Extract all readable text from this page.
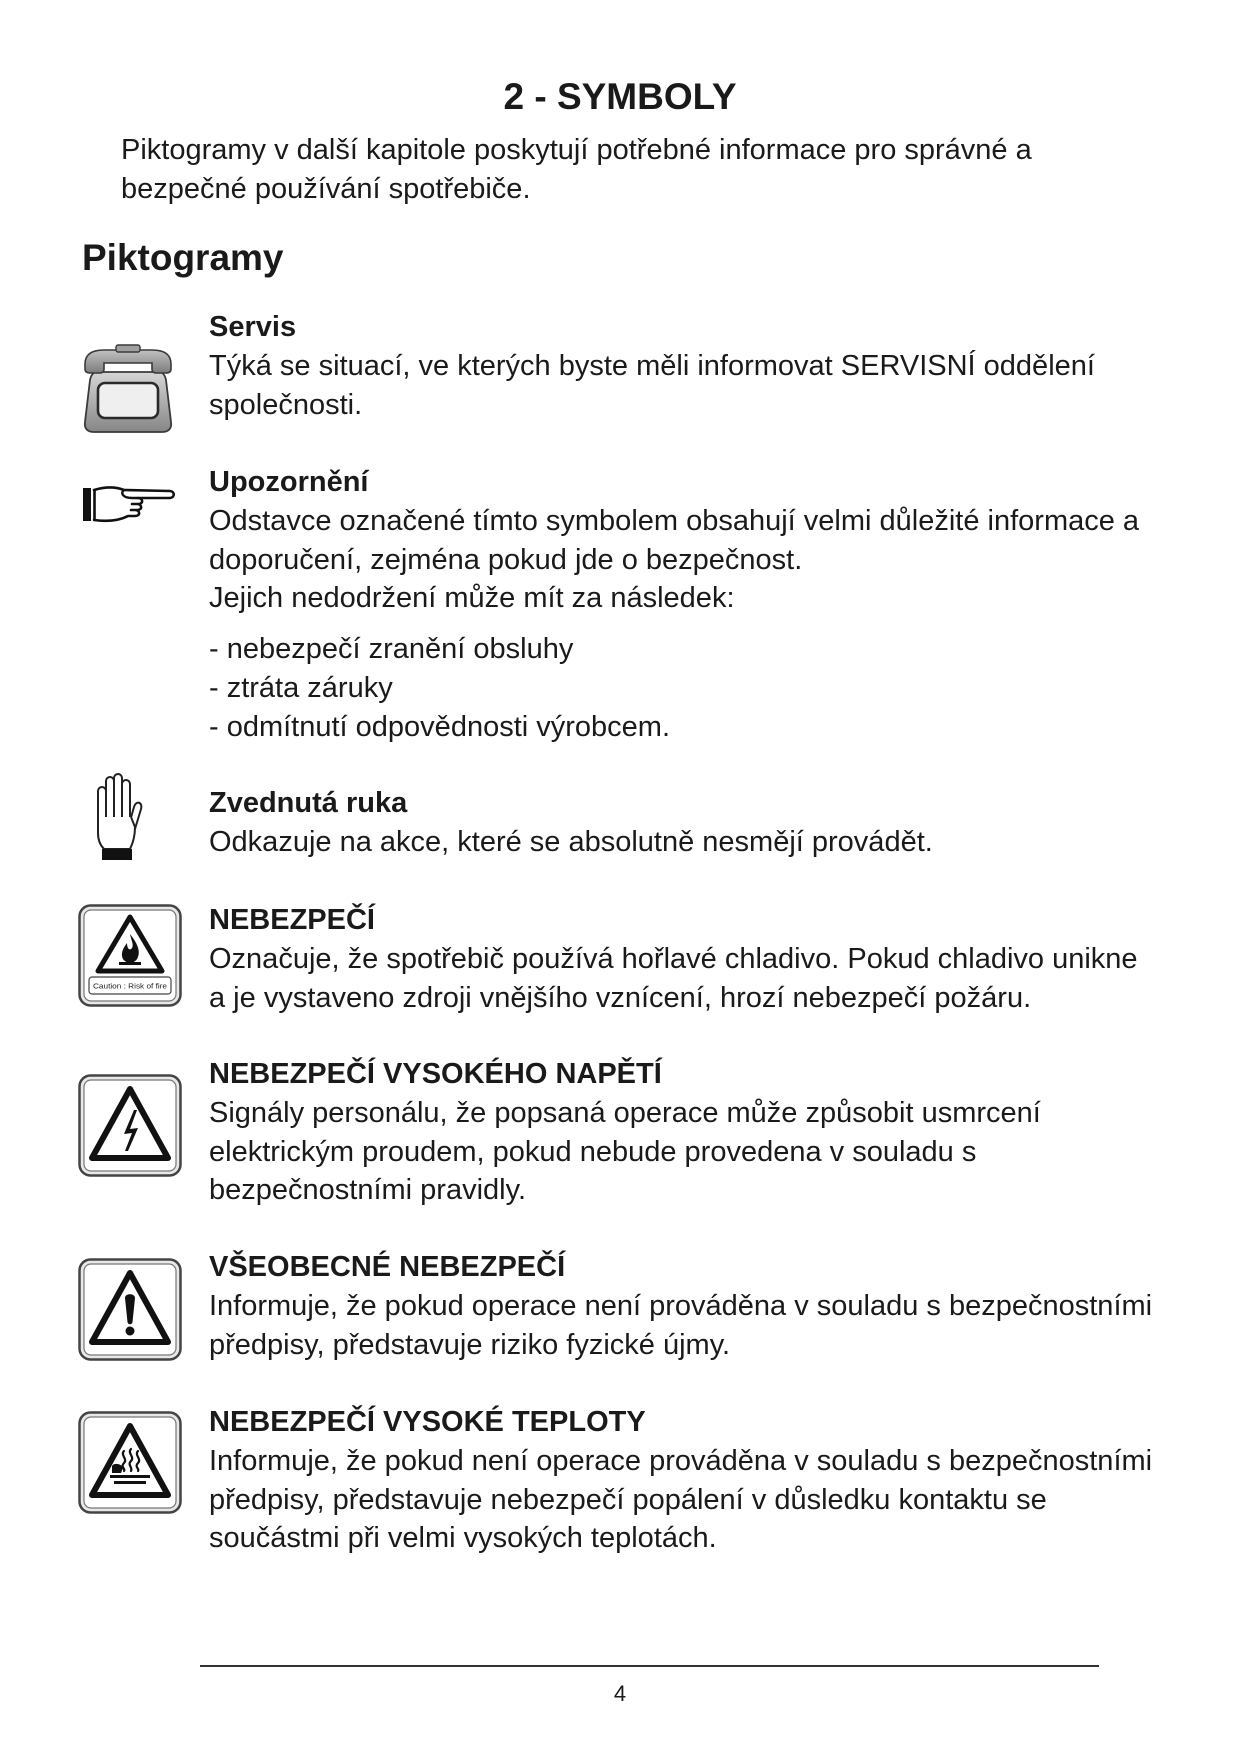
2 - SYMBOLY
Piktogramy v další kapitole poskytují potřebné informace pro správné a
bezpečné používání spotřebiče.
Piktogramy
Servis
Týká se situací, ve kterých byste měli informovat SERVISNÍ oddělení
společnosti.
Upozornění
Odstavce označené tímto symbolem obsahují velmi důležité informace a
doporučení, zejména pokud jde o bezpečnost.
Jejich nedodržení může mít za následek:
- nebezpečí zranění obsluhy
- ztráta záruky
- odmítnutí odpovědnosti výrobcem.
Zvednutá ruka
Odkazuje na akce, které se absolutně nesmějí provádět.
Caution : Risk of fire
NEBEZPEČÍ
Označuje, že spotřebič používá hořlavé chladivo. Pokud chladivo unikne
a je vystaveno zdroji vnějšího vznícení, hrozí nebezpečí požáru.
NEBEZPEČÍ VYSOKÉHO NAPĚTÍ
Signály personálu, že popsaná operace může způsobit usmrcení
elektrickým proudem, pokud nebude provedena v souladu s
bezpečnostními pravidly.
VŠEOBECNÉ NEBEZPEČÍ
Informuje, že pokud operace není prováděna v souladu s bezpečnostními
předpisy, představuje riziko fyzické újmy.
NEBEZPEČÍ VYSOKÉ TEPLOTY
Informuje, že pokud není operace prováděna v souladu s bezpečnostními
předpisy, představuje nebezpečí popálení v důsledku kontaktu se
součástmi při velmi vysokých teplotách.
4
